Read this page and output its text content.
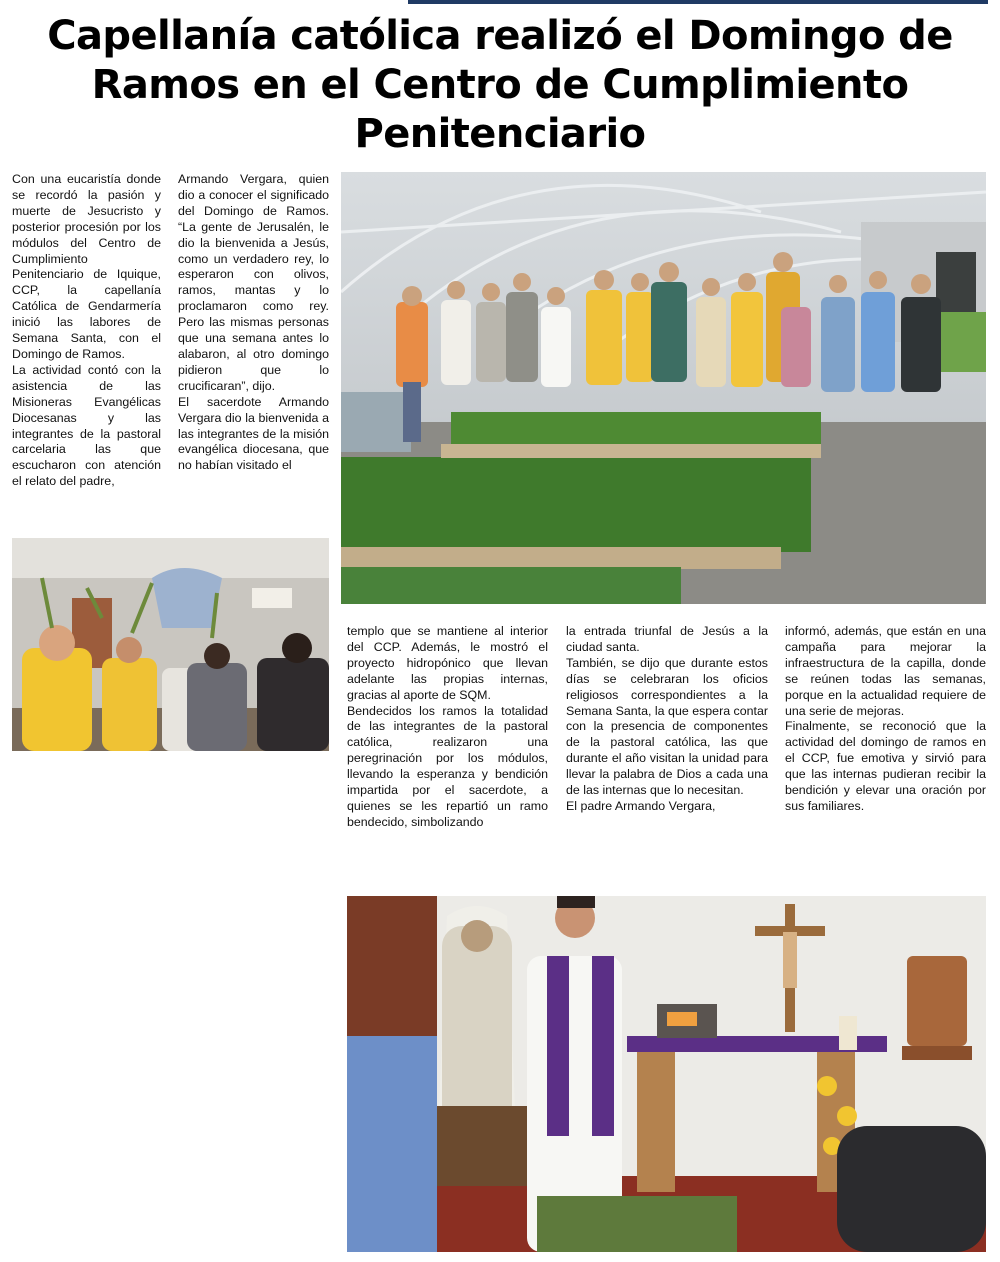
Capellanía católica realizó el Domingo de Ramos en el Centro de Cumplimiento Penitenciario

Con una eucaristía donde se recordó la pasión y muerte de Jesucristo y posterior procesión por los módulos del Centro de Cumplimiento Penitenciario de Iquique, CCP, la capellanía Católica de Gendarmería inició las labores de Semana Santa, con el Domingo de Ramos.

La actividad contó con la asistencia de las Misioneras Evangélicas Diocesanas y las integrantes de la pastoral carcelaria las que escucharon con atención el relato del padre,

Armando Vergara, quien dio a conocer el significado del Domingo de Ramos. “La gente de Jerusalén, le dio la bienvenida a Jesús, como un verdadero rey, lo esperaron con olivos, ramos, mantas y lo proclamaron como rey. Pero las mismas personas que una semana antes lo alabaron, al otro domingo pidieron que lo crucificaran”, dijo.

El sacerdote Armando Vergara dio la bienvenida a las integrantes de la misión evangélica diocesana, que no habían visitado el

templo que se mantiene al interior del CCP. Además, le mostró el proyecto hidropónico que llevan adelante las propias internas, gracias al aporte de SQM.

Bendecidos los ramos la totalidad de las integrantes de la pastoral católica, realizaron una peregrinación por los módulos, llevando la esperanza y bendición impartida por el sacerdote, a quienes se les repartió un ramo bendecido, simbolizando

la entrada triunfal de Jesús a la ciudad santa.

También, se dijo que durante estos días se celebraran los oficios religiosos correspondientes a la Semana Santa, la que espera contar con la presencia de componentes de la pastoral católica, las que durante el año visitan la unidad para llevar la palabra de Dios a cada una de las internas que lo necesitan.

El padre Armando Vergara,

informó, además, que están en una campaña para mejorar la infraestructura de la capilla, donde se reúnen todas las semanas, porque en la actualidad requiere de una serie de mejoras.

Finalmente, se reconoció que la actividad del domingo de ramos en el CCP, fue emotiva y sirvió para que las internas pudieran recibir la bendición y elevar una oración por sus familiares.
